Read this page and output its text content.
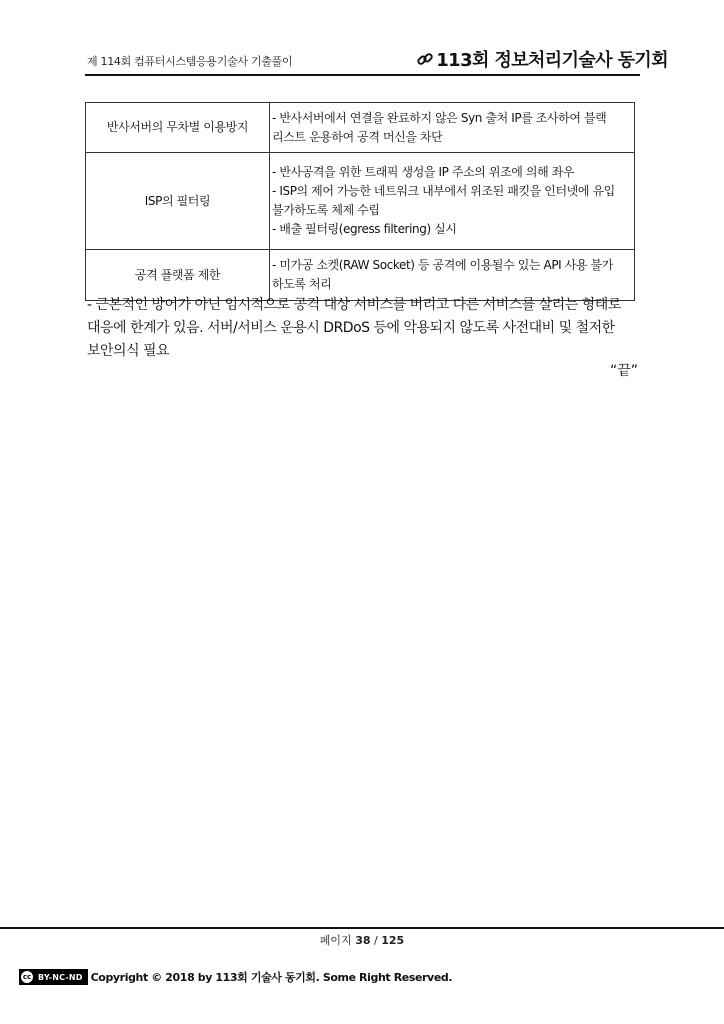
제 114회 컴퓨터시스템응용기술사 기출풀이	113회 정보처리기술사 동기회
반사서버의 무차별 이용방지	- 반사서버에서 연결을 완료하지 않은 Syn 출처 IP를 조사하여 블랙
리스트 운용하여 공격 머신을 차단

ISP의 필터링	- 반사공격을 위한 트래픽 생성을 IP 주소의 위조에 의해 좌우
- ISP의 제어 가능한 네트워크 내부에서 위조된 패킷을 인터넷에 유입
불가하도록 체제 수립
- 배출 필터링(egress filtering) 실시

공격 플랫폼 제한	- 미가공 소켓(RAW Socket) 등 공격에 이용될수 있는 API 사용 불가
하도록 처리
- 근본적인 방어가 아닌 임시적으로 공격 대상 서비스를 버리고 다른 서비스를 살리는 형태로
대응에 한계가 있음. 서버/서비스 운용시 DRDoS 등에 악용되지 않도록 사전대비 및 철저한
보안의식 필요
“끝”
페이지 38 / 125
cc BY-NC-ND Copyright © 2018 by 113회 기술사 동기회. Some Right Reserved.
